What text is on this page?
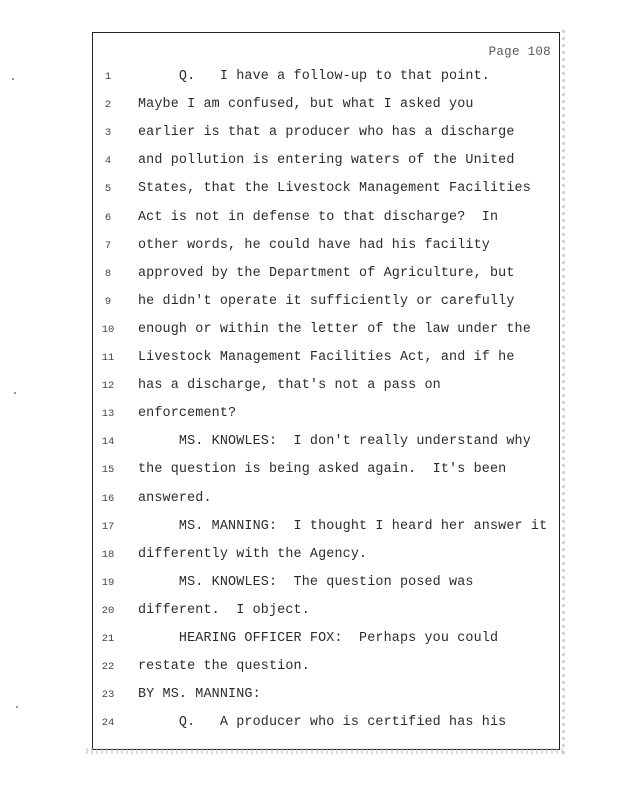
Page 108
1	Q.   I have a follow-up to that point.
2	Maybe I am confused, but what I asked you
3	earlier is that a producer who has a discharge
4	and pollution is entering waters of the United
5	States, that the Livestock Management Facilities
6	Act is not in defense to that discharge?  In
7	other words, he could have had his facility
8	approved by the Department of Agriculture, but
9	he didn't operate it sufficiently or carefully
10	enough or within the letter of the law under the
11	Livestock Management Facilities Act, and if he
12	has a discharge, that's not a pass on
13	enforcement?
14	MS. KNOWLES:  I don't really understand why
15	the question is being asked again.  It's been
16	answered.
17	MS. MANNING:  I thought I heard her answer it
18	differently with the Agency.
19	MS. KNOWLES:  The question posed was
20	different.  I object.
21	HEARING OFFICER FOX:  Perhaps you could
22	restate the question.
23	BY MS. MANNING:
24	Q.   A producer who is certified has his
